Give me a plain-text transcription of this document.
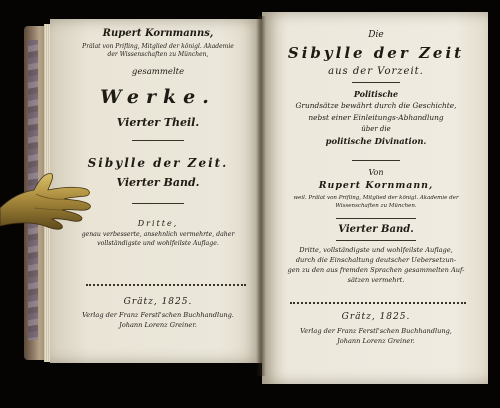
Rupert Kornmanns,
Prälat von Prifling, Mitglied der königl. Akademie
der Wissenschaften zu München,
gesammelte
Werke.
Vierter Theil.
Sibylle der Zeit.
Vierter Band.
Dritte,
genau verbesserte, ansehnlich vermehrte, daher
vollständigste und wohlfeilste Auflage.
Grätz, 1825.
Verlag der Franz Ferstl'schen Buchhandlung.
Johann Lorenz Greiner.
Die
Sibylle der Zeit
aus der Vorzeit.
Politische
Grundsätze bewährt durch die Geschichte,
nebst einer Einleitungs-Abhandlung
über die
politische Divination.
Von
Rupert Kornmann,
weil. Prälat von Prifling, Mitglied der königl. Akademie der
Wissenschaften zu München.
Vierter Band.
Dritte, vollständigste und wohlfeilste Auflage,
durch die Einschaltung deutscher Uebersetzun-
gen zu den aus fremden Sprachen gesammelten Auf-
sätzen vermehrt.
Grätz, 1825.
Verlag der Franz Ferstl'schen Buchhandlung,
Johann Lorenz Greiner.
